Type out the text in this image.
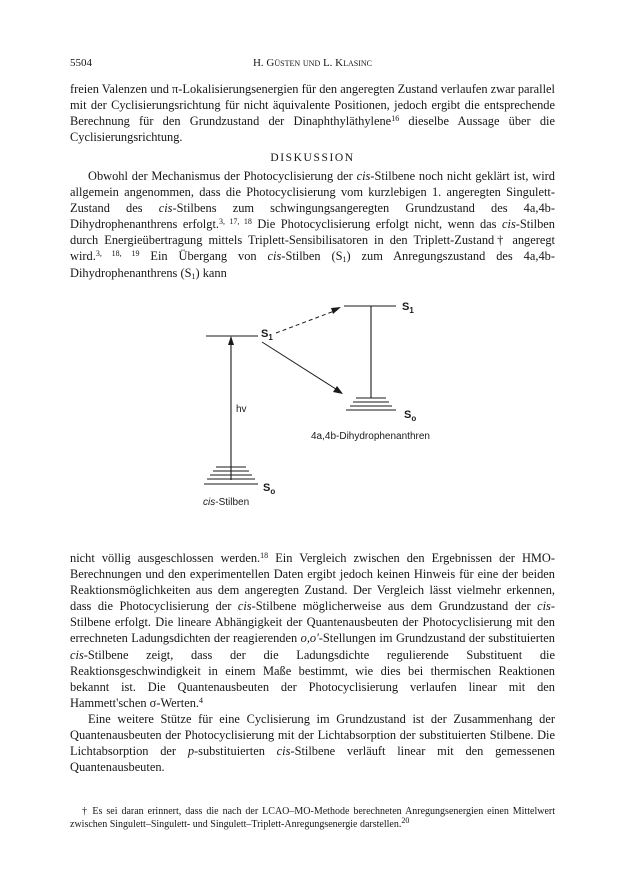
5504	H. Güsten und L. Klasinc

freien Valenzen und π-Lokalisierungsenergien für den angeregten Zustand verlaufen zwar parallel mit der Cyclisierungsrichtung für nicht äquivalente Positionen, jedoch ergibt die entsprechende Berechnung für den Grundzustand der Dinaphthyläthylene$^{16}$ dieselbe Aussage über die Cyclisierungsrichtung.

DISKUSSION

Obwohl der Mechanismus der Photocyclisierung der cis-Stilbene noch nicht geklärt ist, wird allgemein angenommen, dass die Photocyclisierung vom kurzlebigen 1. angeregten Singulett-Zustand des cis-Stilbens zum schwingungsangeregten Grundzustand des 4a,4b-Dihydrophenanthrens erfolgt.$^{3, 17, 18}$ Die Photocyclisierung erfolgt nicht, wenn das cis-Stilben durch Energieübertragung mittels Triplett-Sensibilisatoren in den Triplett-Zustand† angeregt wird.$^{3, 18, 19}$ Ein Übergang von cis-Stilben $(S_1)$ zum Anregungszustand des 4a,4b-Dihydrophenanthrens $(S_1)$ kann

$S_1$
$S_1$
hv	$S_o$
4a,4b-Dihydrophenanthren
$S_o$
cis-Stilben

nicht völlig ausgeschlossen werden.$^{18}$ Ein Vergleich zwischen den Ergebnissen der HMO-Berechnungen und den experimentellen Daten ergibt jedoch keinen Hinweis für eine der beiden Reaktionsmöglichkeiten aus dem angeregten Zustand. Der Vergleich lässt vielmehr erkennen, dass die Photocyclisierung der cis-Stilbene möglicherweise aus dem Grundzustand der cis-Stilbene erfolgt. Die lineare Abhängigkeit der Quantenausbeuten der Photocyclisierung mit den errechneten Ladungsdichten der reagierenden o,o'-Stellungen im Grundzustand der substituierten cis-Stilbene zeigt, dass der die Ladungsdichte regulierende Substituent die Reaktionsgeschwindigkeit in einem Maße bestimmt, wie dies bei thermischen Reaktionen bekannt ist. Die Quantenausbeuten der Photocyclisierung verlaufen linear mit den Hammett'schen σ-Werten.$^4$

Eine weitere Stütze für eine Cyclisierung im Grundzustand ist der Zusammenhang der Quantenausbeuten der Photocyclisierung mit der Lichtabsorption der substituierten Stilbene. Die Lichtabsorption der p-substituierten cis-Stilbene verläuft linear mit den gemessenen Quantenausbeuten.

† Es sei daran erinnert, dass die nach der LCAO–MO-Methode berechneten Anregungsenergien einen Mittelwert zwischen Singulett–Singulett- und Singulett–Triplett-Anregungsenergie darstellen.$^{20}$
